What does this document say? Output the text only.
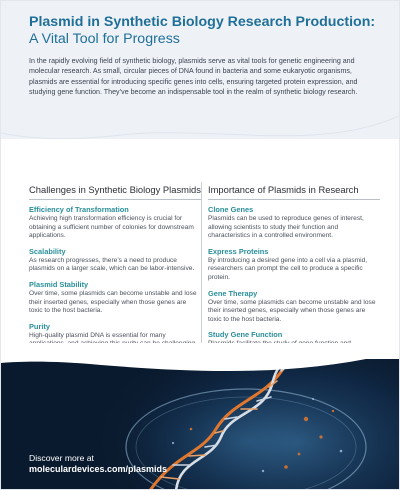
Plasmid in Synthetic Biology Research Production:
A Vital Tool for Progress

In the rapidly evolving field of synthetic biology, plasmids serve as vital tools for genetic engineering and molecular research. As small, circular pieces of DNA found in bacteria and some eukaryotic organisms, plasmids are essential for introducing specific genes into cells, ensuring targeted protein expression, and studying gene function. They’ve become an indispensable tool in the realm of synthetic biology research.

Challenges in Synthetic Biology Plasmids
Efficiency of Transformation
Achieving high transformation efficiency is crucial for obtaining a sufficient number of colonies for downstream applications.
Scalability
As research progresses, there’s a need to produce plasmids on a larger scale, which can be labor-intensive.
Plasmid Stability
Over time, some plasmids can become unstable and lose their inserted genes, especially when those genes are toxic to the host bacteria.
Purity
High-quality plasmid DNA is essential for many
Importance of Plasmids in Research
Clone Genes
Plasmids can be used to reproduce genes of interest, allowing scientists to study their function and characteristics in a controlled environment.
Express Proteins
By introducing a desired gene into a cell via a plasmid, researchers can prompt the cell to produce a specific protein.
Gene Therapy
Over time, some plasmids can become unstable and lose their inserted genes, especially when those genes are toxic to the host bacteria.
Study Gene Function
Discover more at
moleculardevices.com/plasmids
